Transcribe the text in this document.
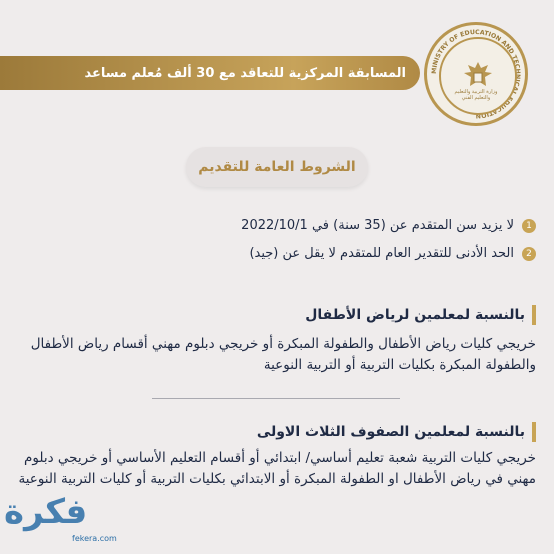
المسابقة المركزية للتعاقد مع 30 ألف مُعلم مساعد	MINISTRY OF EDUCATION AND TECHNICAL EDUCATION
وزارة التربية والتعليم والتعليم الفني
الشروط العامة للتقديم
1
لا يزيد سن المتقدم عن (35 سنة) في 2022/10/1
2
الحد الأدنى للتقدير العام للمتقدم لا يقل عن (جيد)
بالنسبة لمعلمين لرياض الأطفال
خريجي كليات رياض الأطفال والطفولة المبكرة أو خريجي دبلوم مهني أقسام رياض الأطفال والطفولة المبكرة بكليات التربية أو التربية النوعية
بالنسبة لمعلمين الصفوف الثلاث الاولى
خريجي كليات التربية شعبة تعليم أساسي/ ابتدائي أو أقسام التعليم الأساسي أو خريجي دبلوم مهني في رياض الأطفال او الطفولة المبكرة أو الابتدائي بكليات التربية أو كليات التربية النوعية
فكرة
fekera.com
